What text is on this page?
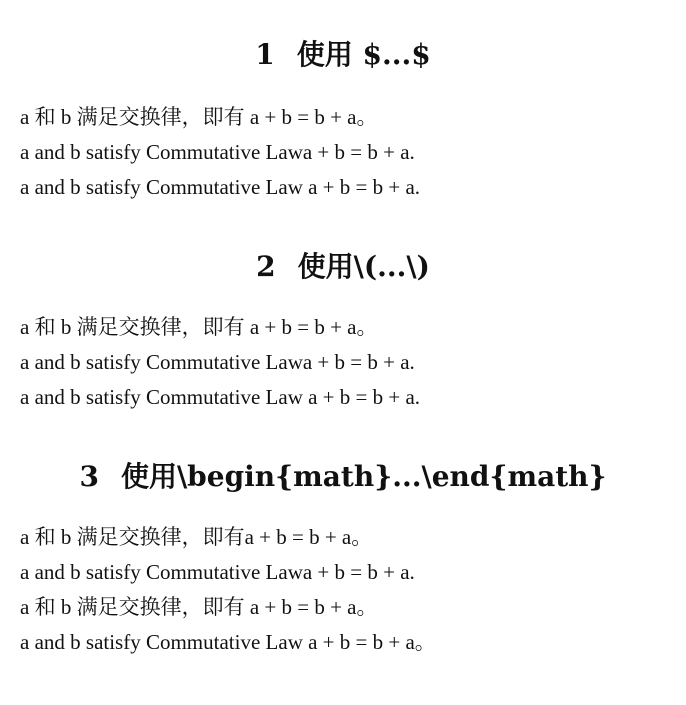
1 使用 $...$
a 和 b 满足交换律，即有 a + b = b + a。
a and b satisfy Commutative Lawa + b = b + a.
a and b satisfy Commutative Law a + b = b + a.
2 使用\(...\)
a 和 b 满足交换律，即有 a + b = b + a。
a and b satisfy Commutative Lawa + b = b + a.
a and b satisfy Commutative Law a + b = b + a.
3 使用\begin{math}...\end{math}
a 和 b 满足交换律，即有a + b = b + a。
a and b satisfy Commutative Lawa + b = b + a.
a 和 b 满足交换律，即有 a + b = b + a。
a and b satisfy Commutative Law a + b = b + a。
